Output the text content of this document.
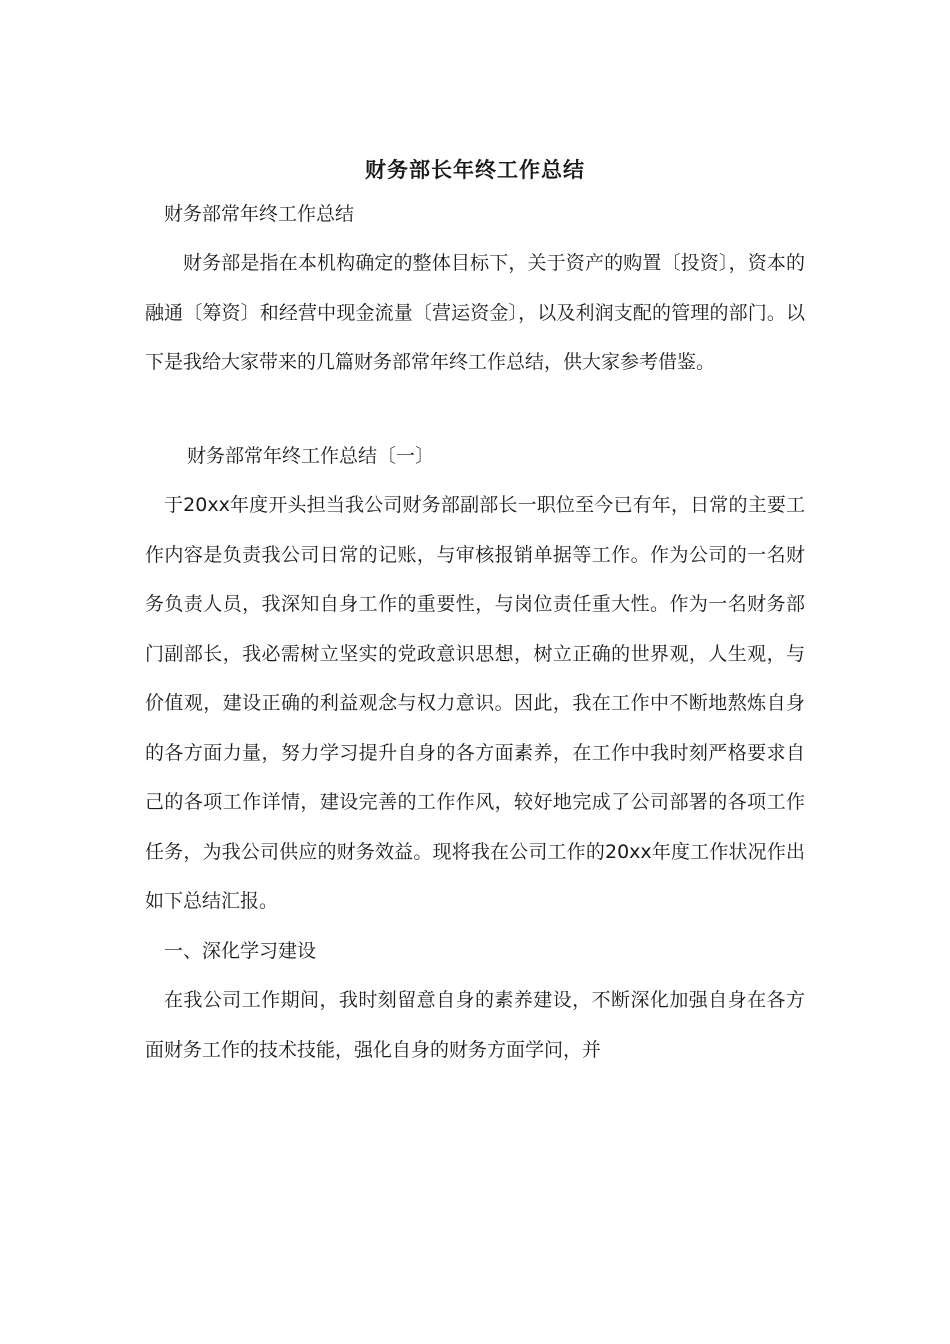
财务部长年终工作总结

财务部常年终工作总结

财务部是指在本机构确定的整体目标下，关于资产的购置〔投资〕，资本的融通〔筹资〕和经营中现金流量〔营运资金〕，以及利润支配的管理的部门。以下是我给大家带来的几篇财务部常年终工作总结，供大家参考借鉴。

财务部常年终工作总结〔一〕

于20xx年度开头担当我公司财务部副部长一职位至今已有年，日常的主要工作内容是负责我公司日常的记账，与审核报销单据等工作。作为公司的一名财务负责人员，我深知自身工作的重要性，与岗位责任重大性。作为一名财务部门副部长，我必需树立坚实的党政意识思想，树立正确的世界观，人生观，与价值观，建设正确的利益观念与权力意识。因此，我在工作中不断地熬炼自身的各方面力量，努力学习提升自身的各方面素养，在工作中我时刻严格要求自己的各项工作详情，建设完善的工作作风，较好地完成了公司部署的各项工作任务，为我公司供应的财务效益。现将我在公司工作的20xx年度工作状况作出如下总结汇报。

一、深化学习建设

在我公司工作期间，我时刻留意自身的素养建设，不断深化加强自身在各方面财务工作的技术技能，强化自身的财务方面学问，并
